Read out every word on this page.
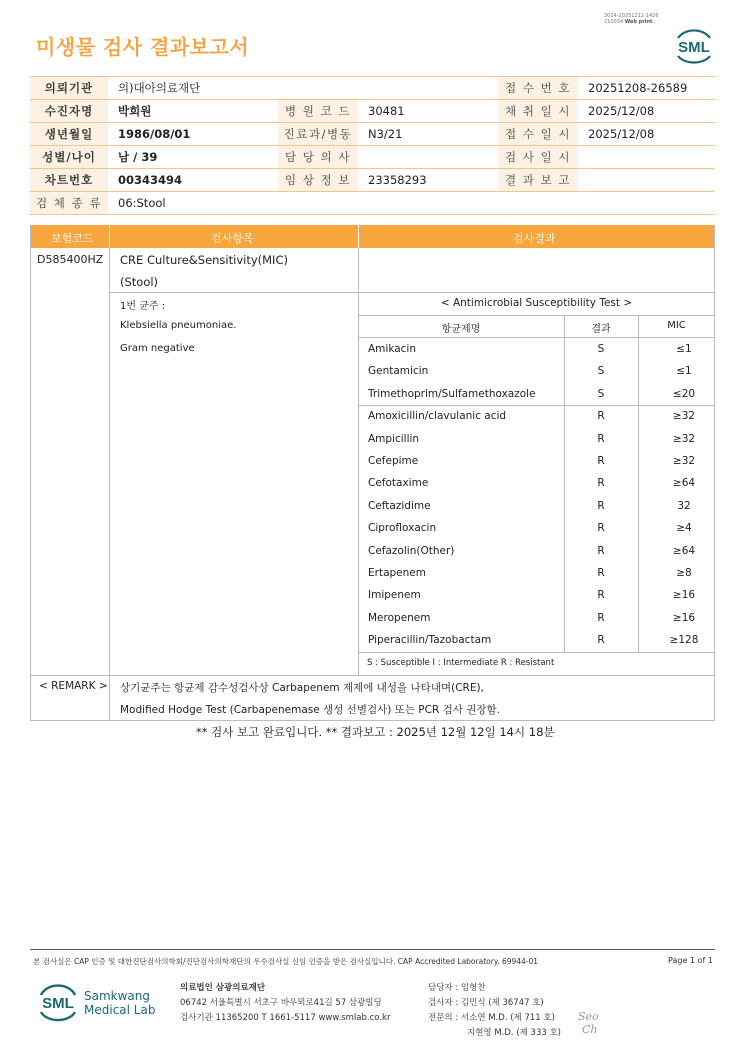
3014-20251212-1426
210034 Web print
미생물 검사 결과보고서	SML
의뢰기관	의)대아의료재단			접 수 번 호	20251208-26589
수진자명	박희원	병 원 코 드	30481	채 취 일 시	2025/12/08
생년월일	1986/08/01	진료과/병동	N3/21	접 수 일 시	2025/12/08
성별/나이	남 / 39	담 당 의 사		검 사 일 시	
차트번호	00343494	임 상 정 보	23358293	결 과 보 고	
검 체 종 류	06:Stool				
보험코드	검사항목	검사결과
D585400HZ CRE Culture&Sensitivity(MIC)
(Stool)
1번 균주 :
Klebsiella pneumoniae.
Gram negative
< Antimicrobial Susceptibility Test >
항균제명	결과	MIC
Amikacin	S	≤1
Gentamicin	S	≤1
Trimethoprim/Sulfamethoxazole	S	≤20
Amoxicillin/clavulanic acid	R	≥32
Ampicillin	R	≥32
Cefepime	R	≥32
Cefotaxime	R	≥64
Ceftazidime	R	32
Ciprofloxacin	R	≥4
Cefazolin(Other)	R	≥64
Ertapenem	R	≥8
Imipenem	R	≥16
Meropenem	R	≥16
Piperacillin/Tazobactam	R	≥128
S : Susceptible I : Intermediate R : Resistant
< REMARK > 상기균주는 항균제 감수성검사상 Carbapenem 제제에 내성을 나타내며(CRE),
Modified Hodge Test (Carbapenemase 생성 선별검사) 또는 PCR 검사 권장함.
** 검사 보고 완료입니다. ** 결과보고 : 2025년 12월 12일 14시 18분
본 검사실은 CAP 인증 및 대한진단검사의학회/진단검사의학재단의 우수검사실 신임 인증을 받은 검사실입니다. CAP Accredited Laboratory. 69944-01	Page 1 of 1
SML Samkwang
Medical Lab
의료법인 삼광의료재단
06742 서울특별시 서초구 바우뫼로41길 57 삼광빌딩
검사기관 11365200 T 1661-5117 www.smlab.co.kr
담당자 : 임형찬
검사자 : 김민식 (제 36747 호)
전문의 : 서소연 M.D. (제 711 호)
지현영 M.D. (제 333 호)
Seo
Ch
